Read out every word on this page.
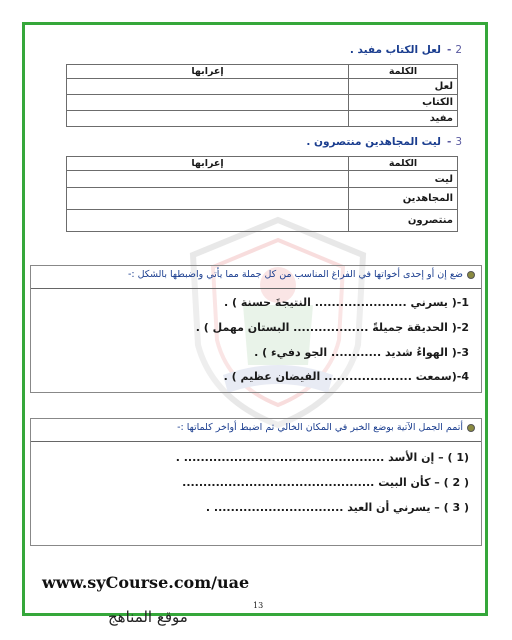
2-لعل الكتاب مفيد .
الكلمة	إعرابها
لعل	
الكتاب	
مفيد	
3-ليت المجاهدين منتصرون .
الكلمة	إعرابها
ليت	
المجاهدين	
منتصرون	
ضع إن أو إحدى أخواتها في الفراغ المناسب من كل جملة مما يأتي واضبطها بالشكل :-
1-( يسرني ...................... النتيجةَ حسنة ) .
2-( الحديقة جميلةً .................. البستان مهمل ) .
3-( الهواءُ شديد ............ الجو دفيء ) .
4-(سمعت ..................... الفيضان عظيم ) .
أتمم الجمل الآتية بوضع الخبر في المكان الخالي ثم اضبط أواخر كلماتها :-
(1 ) – إن الأسد ................................................ .
( 2 ) – كأن البيت ..............................................
( 3 ) – يسرني أن العيد ............................... .
www.syCourse.com/uae
13
موقع المناهج
